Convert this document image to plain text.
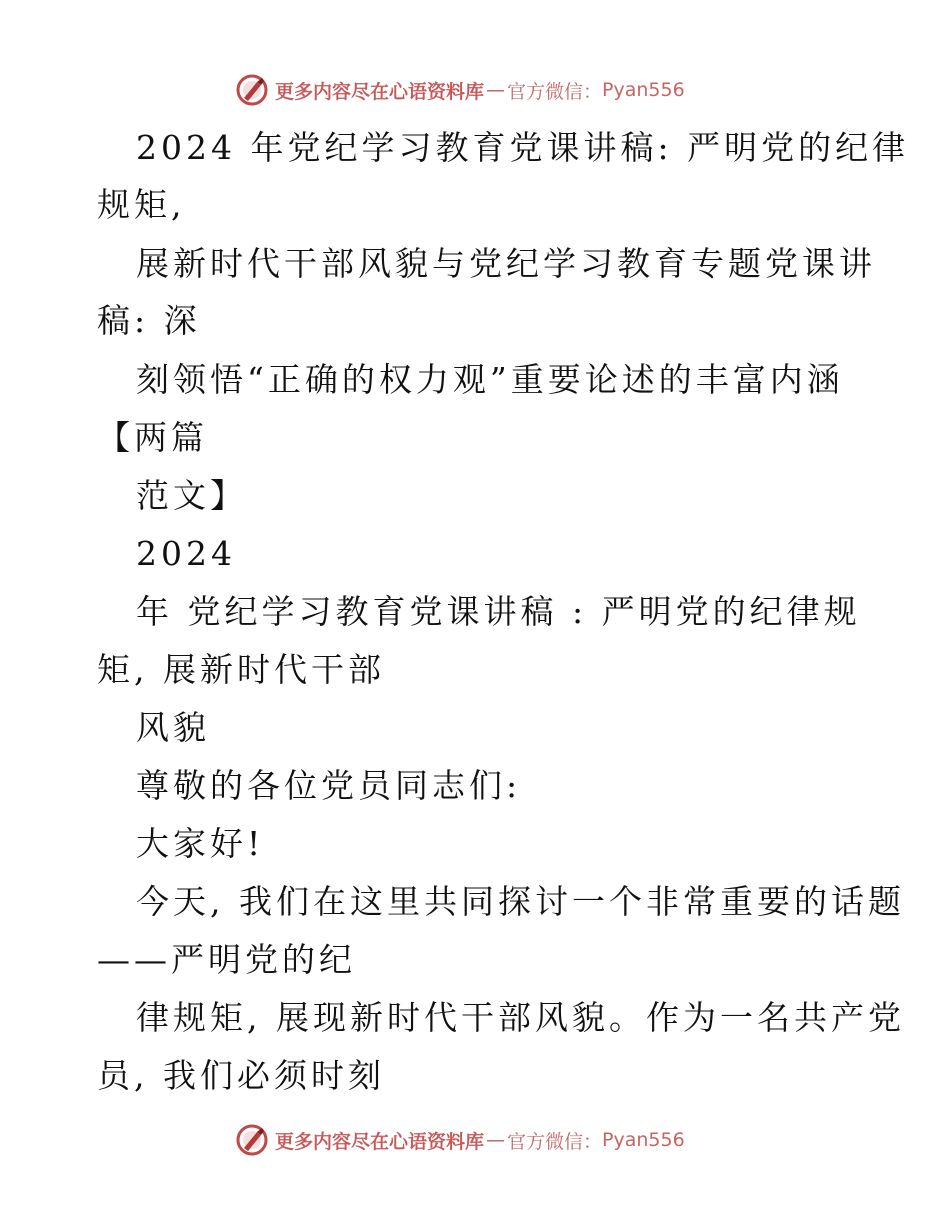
更多内容尽在心语资料库 — 官方微信： Pyan556
2024 年党纪学习教育党课讲稿: 严明党的纪律
规矩,
展新时代干部风貌与党纪学习教育专题党课讲
稿: 深
刻领悟“正确的权力观”重要论述的丰富内涵
【两篇
范文】
2024
年 党纪学习教育党课讲稿 : 严明党的纪律规
矩, 展新时代干部
风貌
尊敬的各位党员同志们:
大家好!
今天, 我们在这里共同探讨一个非常重要的话题
——严明党的纪
律规矩, 展现新时代干部风貌。作为一名共产党
员, 我们必须时刻
更多内容尽在心语资料库 — 官方微信： Pyan556
